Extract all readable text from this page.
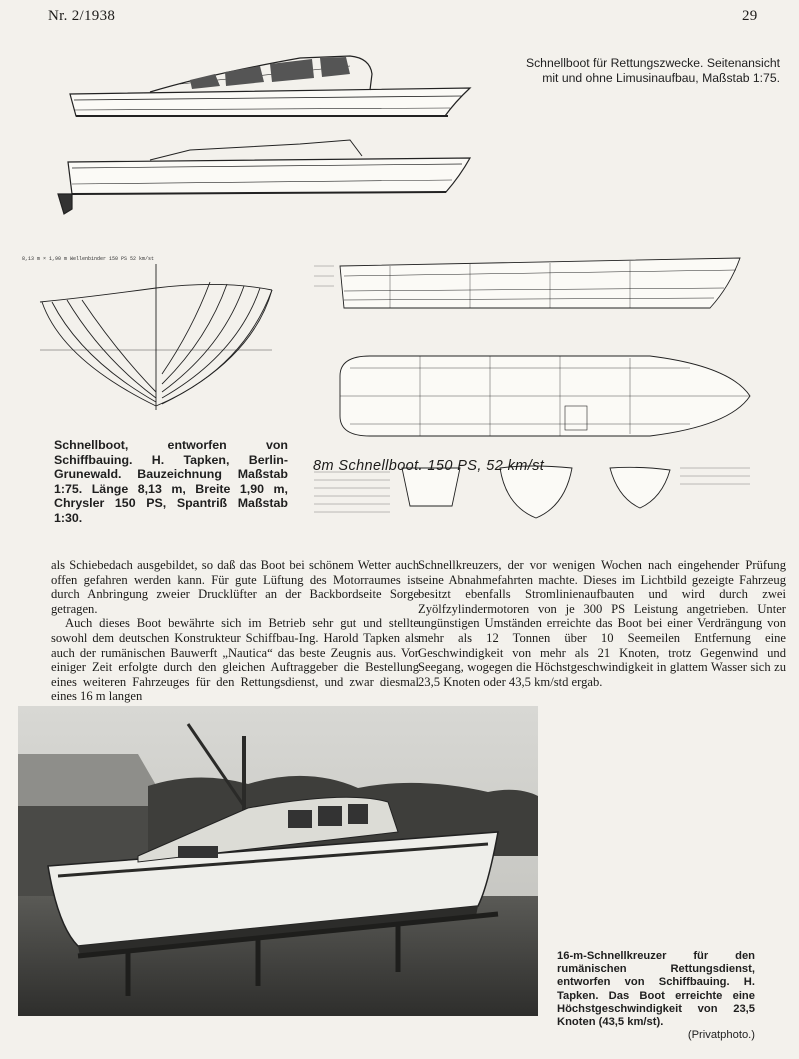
Nr. 2/1938	29
Schnellboot für Rettungszwecke. Seitenansicht mit und ohne Limusinaufbau, Maßstab 1:75.
8,13 m × 1,90 m Wellenbinder 150 PS 52 km/st
8m Schnellboot. 150 PS, 52 km/st
Schnellboot, entworfen von Schiffbauing. H. Tapken, Berlin-Grunewald. Bauzeichnung Maßstab 1:75. Länge 8,13 m, Breite 1,90 m, Chrysler 150 PS, Spantriß Maßstab 1:30.

als Schiebedach ausgebildet, so daß das Boot bei schönem Wetter auch offen gefahren werden kann. Für gute Lüftung des Motorraumes ist durch Anbringung zweier Drucklüfter an der Backbordseite Sorge getragen.

Auch dieses Boot bewährte sich im Betrieb sehr gut und stellte sowohl dem deutschen Konstrukteur Schiffbau-Ing. Harold Tapken als auch der rumänischen Bauwerft „Nautica“ das beste Zeugnis aus. Vor einiger Zeit erfolgte durch den gleichen Auftraggeber die Bestellung eines weiteren Fahrzeuges für den Rettungsdienst, und zwar diesmal eines 16 m langen

Schnellkreuzers, der vor wenigen Wochen nach eingehender Prüfung seine Abnahmefahrten machte. Dieses im Lichtbild gezeigte Fahrzeug besitzt ebenfalls Stromlinienaufbauten und wird durch zwei Zyölfzylindermotoren von je 300 PS Leistung angetrieben. Unter ungünstigen Umständen erreichte das Boot bei einer Verdrängung von mehr als 12 Tonnen über 10 Seemeilen Entfernung eine Geschwindigkeit von mehr als 21 Knoten, trotz Gegenwind und Seegang, wogegen die Höchstgeschwindigkeit in glattem Wasser sich zu 23,5 Knoten oder 43,5 km/std ergab.

16-m-Schnellkreuzer für den rumänischen Rettungsdienst, entworfen von Schiffbauing. H. Tapken. Das Boot erreichte eine Höchstgeschwindigkeit von 23,5 Knoten (43,5 km/st).
(Privatphoto.)
